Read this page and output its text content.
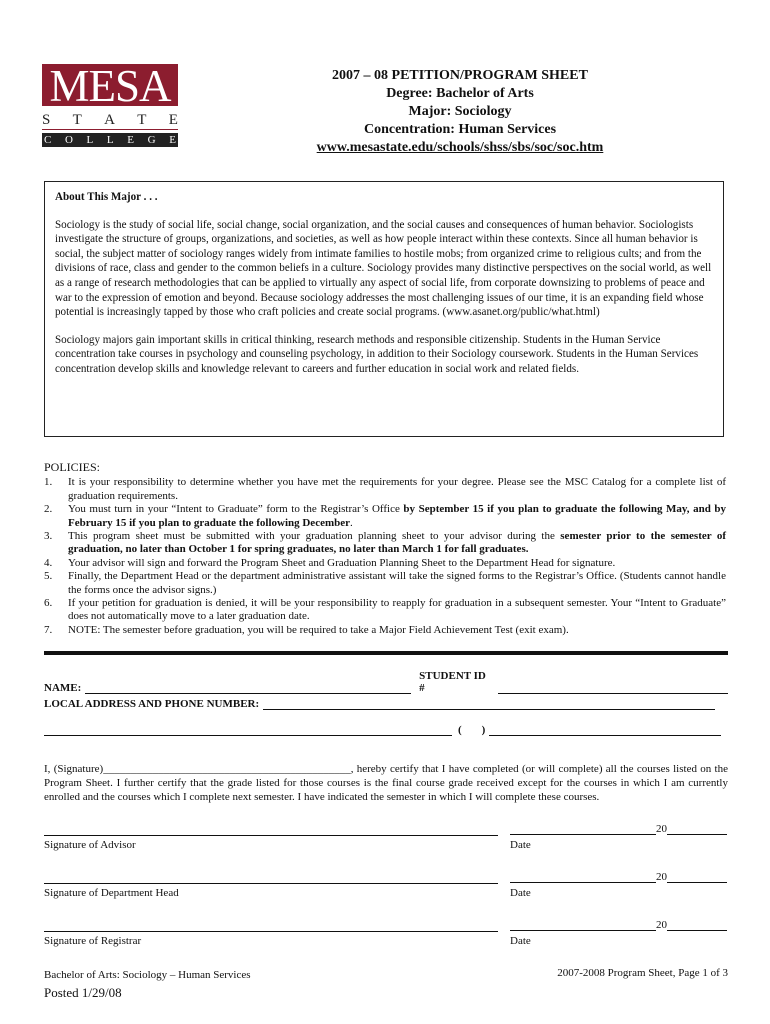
MESA
S T A T E
C O L L E G E
2007 – 08 PETITION/PROGRAM SHEET
Degree: Bachelor of Arts
Major: Sociology
Concentration: Human Services
www.mesastate.edu/schools/shss/sbs/soc/soc.htm
About This Major . . .

Sociology is the study of social life, social change, social organization, and the social causes and consequences of human behavior. Sociologists investigate the structure of groups, organizations, and societies, as well as how people interact within these contexts. Since all human behavior is social, the subject matter of sociology ranges widely from intimate families to hostile mobs; from organized crime to religious cults; and from the divisions of race, class and gender to the common beliefs in a culture. Sociology provides many distinctive perspectives on the social world, as well as a range of research methodologies that can be applied to virtually any aspect of social life, from corporate downsizing to problems of peace and war to the expression of emotion and beyond. Because sociology addresses the most challenging issues of our time, it is an expanding field whose potential is increasingly tapped by those who craft policies and create social programs. (www.asanet.org/public/what.html)

Sociology majors gain important skills in critical thinking, research methods and responsible citizenship. Students in the Human Service concentration take courses in psychology and counseling psychology, in addition to their Sociology coursework. Students in the Human Services concentration develop skills and knowledge relevant to careers and further education in social work and related fields.

POLICIES:
1. It is your responsibility to determine whether you have met the requirements for your degree. Please see the MSC Catalog for a complete list of graduation requirements.
2. You must turn in your “Intent to Graduate” form to the Registrar’s Office by September 15 if you plan to graduate the following May, and by February 15 if you plan to graduate the following December.
3. This program sheet must be submitted with your graduation planning sheet to your advisor during the semester prior to the semester of graduation, no later than October 1 for spring graduates, no later than March 1 for fall graduates.
4. Your advisor will sign and forward the Program Sheet and Graduation Planning Sheet to the Department Head for signature.
5. Finally, the Department Head or the department administrative assistant will take the signed forms to the Registrar’s Office. (Students cannot handle the forms once the advisor signs.)
6. If your petition for graduation is denied, it will be your responsibility to reapply for graduation in a subsequent semester. Your “Intent to Graduate” does not automatically move to a later graduation date.
7. NOTE: The semester before graduation, you will be required to take a Major Field Achievement Test (exit exam).
NAME:
STUDENT ID #
LOCAL ADDRESS AND PHONE NUMBER:
( )
I, (Signature)_____________________________________________, hereby certify that I have completed (or will complete) all the courses listed on the Program Sheet. I further certify that the grade listed for those courses is the final course grade received except for the courses in which I am currently enrolled and the courses which I complete next semester. I have indicated the semester in which I will complete these courses.
20
Signature of Advisor	Date
20
Signature of Department Head	Date
20
Signature of Registrar	Date
Bachelor of Arts: Sociology – Human Services
Posted 1/29/08
2007-2008 Program Sheet, Page 1 of 3
